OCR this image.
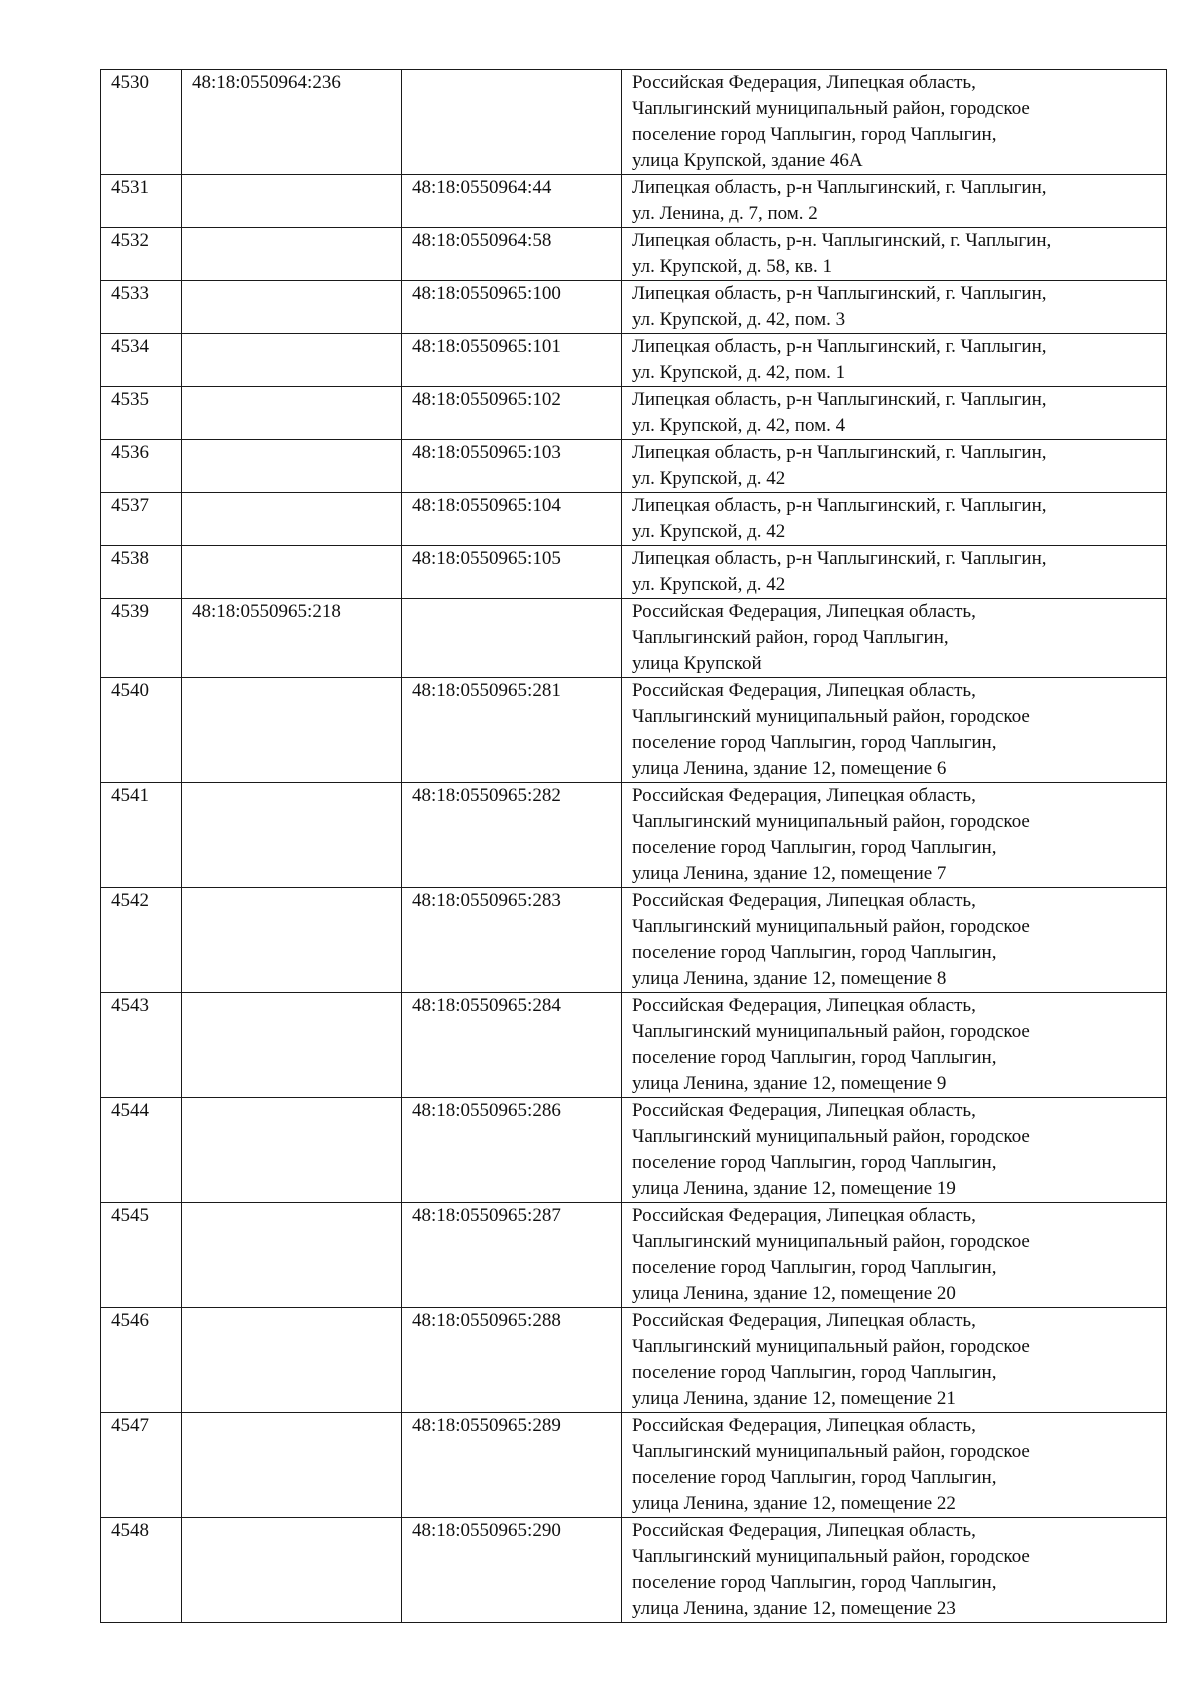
4530	48:18:0550964:236		Российская Федерация, Липецкая область,
Чаплыгинский муниципальный район, городское
поселение город Чаплыгин, город Чаплыгин,
улица Крупской, здание 46А
4531		48:18:0550964:44	Липецкая область, р-н Чаплыгинский, г. Чаплыгин,
ул. Ленина, д. 7, пом. 2
4532		48:18:0550964:58	Липецкая область, р-н. Чаплыгинский, г. Чаплыгин,
ул. Крупской, д. 58, кв. 1
4533		48:18:0550965:100	Липецкая область, р-н Чаплыгинский, г. Чаплыгин,
ул. Крупской, д. 42, пом. 3
4534		48:18:0550965:101	Липецкая область, р-н Чаплыгинский, г. Чаплыгин,
ул. Крупской, д. 42, пом. 1
4535		48:18:0550965:102	Липецкая область, р-н Чаплыгинский, г. Чаплыгин,
ул. Крупской, д. 42, пом. 4
4536		48:18:0550965:103	Липецкая область, р-н Чаплыгинский, г. Чаплыгин,
ул. Крупской, д. 42
4537		48:18:0550965:104	Липецкая область, р-н Чаплыгинский, г. Чаплыгин,
ул. Крупской, д. 42
4538		48:18:0550965:105	Липецкая область, р-н Чаплыгинский, г. Чаплыгин,
ул. Крупской, д. 42
4539	48:18:0550965:218		Российская Федерация, Липецкая область,
Чаплыгинский район, город Чаплыгин,
улица Крупской
4540		48:18:0550965:281	Российская Федерация, Липецкая область,
Чаплыгинский муниципальный район, городское
поселение город Чаплыгин, город Чаплыгин,
улица Ленина, здание 12, помещение 6
4541		48:18:0550965:282	Российская Федерация, Липецкая область,
Чаплыгинский муниципальный район, городское
поселение город Чаплыгин, город Чаплыгин,
улица Ленина, здание 12, помещение 7
4542		48:18:0550965:283	Российская Федерация, Липецкая область,
Чаплыгинский муниципальный район, городское
поселение город Чаплыгин, город Чаплыгин,
улица Ленина, здание 12, помещение 8
4543		48:18:0550965:284	Российская Федерация, Липецкая область,
Чаплыгинский муниципальный район, городское
поселение город Чаплыгин, город Чаплыгин,
улица Ленина, здание 12, помещение 9
4544		48:18:0550965:286	Российская Федерация, Липецкая область,
Чаплыгинский муниципальный район, городское
поселение город Чаплыгин, город Чаплыгин,
улица Ленина, здание 12, помещение 19
4545		48:18:0550965:287	Российская Федерация, Липецкая область,
Чаплыгинский муниципальный район, городское
поселение город Чаплыгин, город Чаплыгин,
улица Ленина, здание 12, помещение 20
4546		48:18:0550965:288	Российская Федерация, Липецкая область,
Чаплыгинский муниципальный район, городское
поселение город Чаплыгин, город Чаплыгин,
улица Ленина, здание 12, помещение 21
4547		48:18:0550965:289	Российская Федерация, Липецкая область,
Чаплыгинский муниципальный район, городское
поселение город Чаплыгин, город Чаплыгин,
улица Ленина, здание 12, помещение 22
4548		48:18:0550965:290	Российская Федерация, Липецкая область,
Чаплыгинский муниципальный район, городское
поселение город Чаплыгин, город Чаплыгин,
улица Ленина, здание 12, помещение 23
